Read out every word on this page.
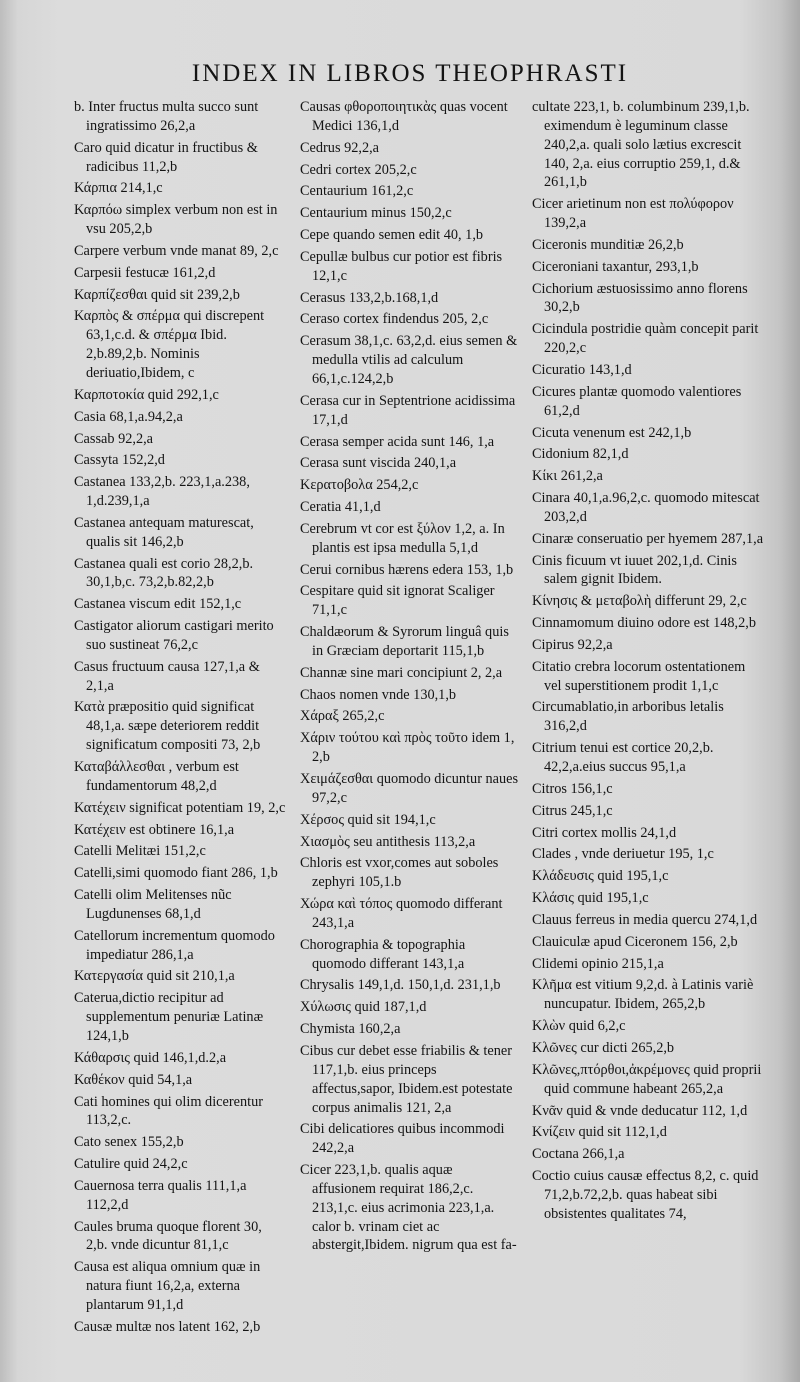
INDEX IN LIBROS THEOPHRASTI
b. Inter fructus multa succo sunt ingratissimo 26,2,a
Caro quid dicatur in fructibus & radicibus 11,2,b
Κάρπια 214,1,c
Καρπόω simplex verbum non est in vsu 205,2,b
Carpere verbum vnde manat 89, 2,c
Carpesii festucæ 161,2,d
Καρπίζεσθαι quid sit 239,2,b
Καρπὸς & σπέρμα qui discrepent 63,1,c.d. & σπέρμα Ibid. 2,b.89,2,b. Nominis deriuatio,Ibidem, c
Καρποτοκία quid 292,1,c
Casia 68,1,a.94,2,a
Cassab 92,2,a
Cassyta 152,2,d
Castanea 133,2,b. 223,1,a.238, 1,d.239,1,a
Castanea antequam maturescat, qualis sit 146,2,b
Castanea quali est corio 28,2,b. 30,1,b,c. 73,2,b.82,2,b
Castanea viscum edit 152,1,c
Castigator aliorum castigari merito suo sustineat 76,2,c
Casus fructuum causa 127,1,a & 2,1,a
Κατὰ præpositio quid significat 48,1,a. sæpe deteriorem reddit significatum compositi 73, 2,b
Καταβάλλεσθαι , verbum est fundamentorum 48,2,d
Κατέχειν significat potentiam 19, 2,c
Κατέχειν est obtinere 16,1,a
Catelli Melitæi 151,2,c
Catelli,simi quomodo fiant 286, 1,b
Catelli olim Melitenses nũc Lugdunenses 68,1,d
Catellorum incrementum quomodo impediatur 286,1,a
Κατεργασία quid sit 210,1,a
Caterua,dictio recipitur ad supplementum penuriæ Latinæ 124,1,b
Κάθαρσις quid 146,1,d.2,a
Καθέκον quid 54,1,a
Cati homines qui olim dicerentur 113,2,c.
Cato senex 155,2,b
Catulire quid 24,2,c
Cauernosa terra qualis 111,1,a 112,2,d
Caules bruma quoque florent 30, 2,b. vnde dicuntur 81,1,c
Causa est aliqua omnium quæ in natura fiunt 16,2,a, externa plantarum 91,1,d
Causæ multæ nos latent 162, 2,b
Causas φθοροποιητικὰς quas vocent Medici 136,1,d
Cedrus 92,2,a
Cedri cortex 205,2,c
Centaurium 161,2,c
Centaurium minus 150,2,c
Cepe quando semen edit 40, 1,b
Cepullæ bulbus cur potior est fibris 12,1,c
Cerasus 133,2,b.168,1,d
Ceraso cortex findendus 205, 2,c
Cerasum 38,1,c. 63,2,d. eius semen & medulla vtilis ad calculum 66,1,c.124,2,b
Cerasa cur in Septentrione acidissima 17,1,d
Cerasa semper acida sunt 146, 1,a
Cerasa sunt viscida 240,1,a
Κερατοβολα 254,2,c
Ceratia 41,1,d
Cerebrum vt cor est ξύλον 1,2, a. In plantis est ipsa medulla 5,1,d
Cerui cornibus hærens edera 153, 1,b
Cespitare quid sit ignorat Scaliger 71,1,c
Chaldæorum & Syrorum linguâ quis in Græciam deportarit 115,1,b
Channæ sine mari concipiunt 2, 2,a
Chaos nomen vnde 130,1,b
Χάραξ 265,2,c
Χάριν τούτου καὶ πρὸς τοῦτο idem 1, 2,b
Χειμάζεσθαι quomodo dicuntur naues 97,2,c
Χέρσος quid sit 194,1,c
Χιασμὸς seu antithesis 113,2,a
Chloris est vxor,comes aut soboles zephyri 105,1.b
Χώρα καὶ τόπος quomodo differant 243,1,a
Chorographia & topographia quomodo differant 143,1,a
Chrysalis 149,1,d. 150,1,d. 231,1,b
Χύλωσις quid 187,1,d
Chymista 160,2,a
Cibus cur debet esse friabilis & tener 117,1,b. eius princeps affectus,sapor, Ibidem.est potestate corpus animalis 121, 2,a
Cibi delicatiores quibus incommodi 242,2,a
Cicer 223,1,b. qualis aquæ affusionem requirat 186,2,c. 213,1,c. eius acrimonia 223,1,a. calor b. vrinam ciet ac abstergit,Ibidem. nigrum qua est fa-
cultate 223,1, b. columbinum 239,1,b. eximendum è leguminum classe 240,2,a. quali solo lætius excrescit 140, 2,a. eius corruptio 259,1, d.& 261,1,b
Cicer arietinum non est πολύφορον 139,2,a
Ciceronis munditiæ 26,2,b
Ciceroniani taxantur, 293,1,b
Cichorium æstuosissimo anno florens 30,2,b
Cicindula postridie quàm concepit parit 220,2,c
Cicuratio 143,1,d
Cicures plantæ quomodo valentiores 61,2,d
Cicuta venenum est 242,1,b
Cidonium 82,1,d
Κίκι 261,2,a
Cinara 40,1,a.96,2,c. quomodo mitescat 203,2,d
Cinaræ conseruatio per hyemem 287,1,a
Cinis ficuum vt iuuet 202,1,d. Cinis salem gignit Ibidem.
Κίνησις & μεταβολὴ differunt 29, 2,c
Cinnamomum diuino odore est 148,2,b
Cipirus 92,2,a
Citatio crebra locorum ostentationem vel superstitionem prodit 1,1,c
Circumablatio,in arboribus letalis 316,2,d
Citrium tenui est cortice 20,2,b. 42,2,a.eius succus 95,1,a
Citros 156,1,c
Citrus 245,1,c
Citri cortex mollis 24,1,d
Clades , vnde deriuetur 195, 1,c
Κλάδευσις quid 195,1,c
Κλάσις quid 195,1,c
Clauus ferreus in media quercu 274,1,d
Clauiculæ apud Ciceronem 156, 2,b
Clidemi opinio 215,1,a
Κλῆμα est vitium 9,2,d. à Latinis variè nuncupatur. Ibidem, 265,2,b
Κλὼν quid 6,2,c
Κλῶνες cur dicti 265,2,b
Κλῶνες,πτόρθοι,ἀκρέμονες quid proprii quid commune habeant 265,2,a
Κνᾶν quid & vnde deducatur 112, 1,d
Κνίζειν quid sit 112,1,d
Coctana 266,1,a
Coctio cuius causæ effectus 8,2, c. quid 71,2,b.72,2,b. quas habeat sibi obsistentes qualitates 74,
